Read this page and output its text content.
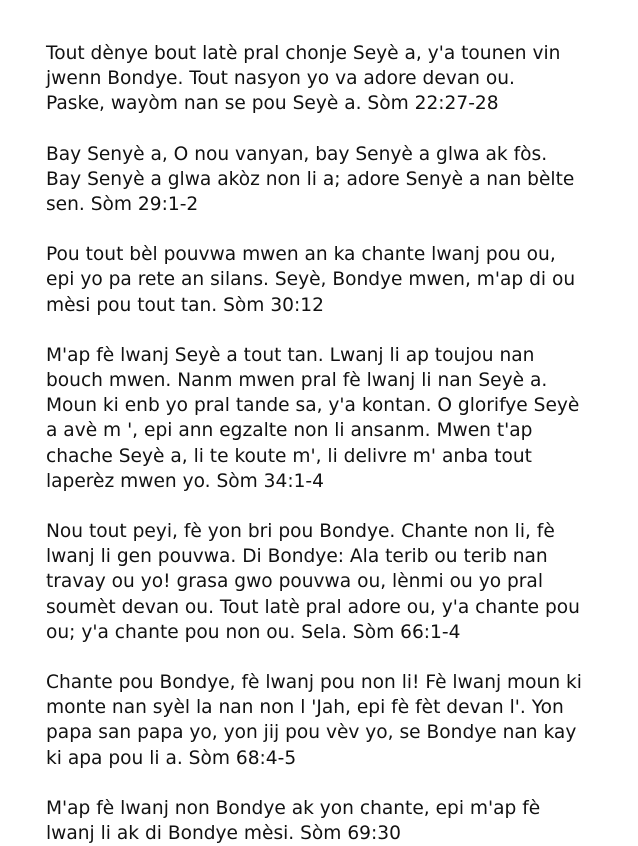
Tout dènye bout latè pral chonje Seyè a, y'a tounen vin
jwenn Bondye. Tout nasyon yo va adore devan ou.
Paske, wayòm nan se pou Seyè a. Sòm 22:27-28

Bay Senyè a, O nou vanyan, bay Senyè a glwa ak fòs.
Bay Senyè a glwa akòz non li a; adore Senyè a nan bèlte
sen. Sòm 29:1-2

Pou tout bèl pouvwa mwen an ka chante lwanj pou ou,
epi yo pa rete an silans. Seyè, Bondye mwen, m'ap di ou
mèsi pou tout tan. Sòm 30:12

M'ap fè lwanj Seyè a tout tan. Lwanj li ap toujou nan
bouch mwen. Nanm mwen pral fè lwanj li nan Seyè a.
Moun ki enb yo pral tande sa, y'a kontan. O glorifye Seyè
a avè m ', epi ann egzalte non li ansanm. Mwen t'ap
chache Seyè a, li te koute m', li delivre m' anba tout
laperèz mwen yo. Sòm 34:1-4

Nou tout peyi, fè yon bri pou Bondye. Chante non li, fè
lwanj li gen pouvwa. Di Bondye: Ala terib ou terib nan
travay ou yo! grasa gwo pouvwa ou, lènmi ou yo pral
soumèt devan ou. Tout latè pral adore ou, y'a chante pou
ou; y'a chante pou non ou. Sela. Sòm 66:1-4

Chante pou Bondye, fè lwanj pou non li! Fè lwanj moun ki
monte nan syèl la nan non l 'Jah, epi fè fèt devan l'. Yon
papa san papa yo, yon jij pou vèv yo, se Bondye nan kay
ki apa pou li a. Sòm 68:4-5

M'ap fè lwanj non Bondye ak yon chante, epi m'ap fè
lwanj li ak di Bondye mèsi. Sòm 69:30
